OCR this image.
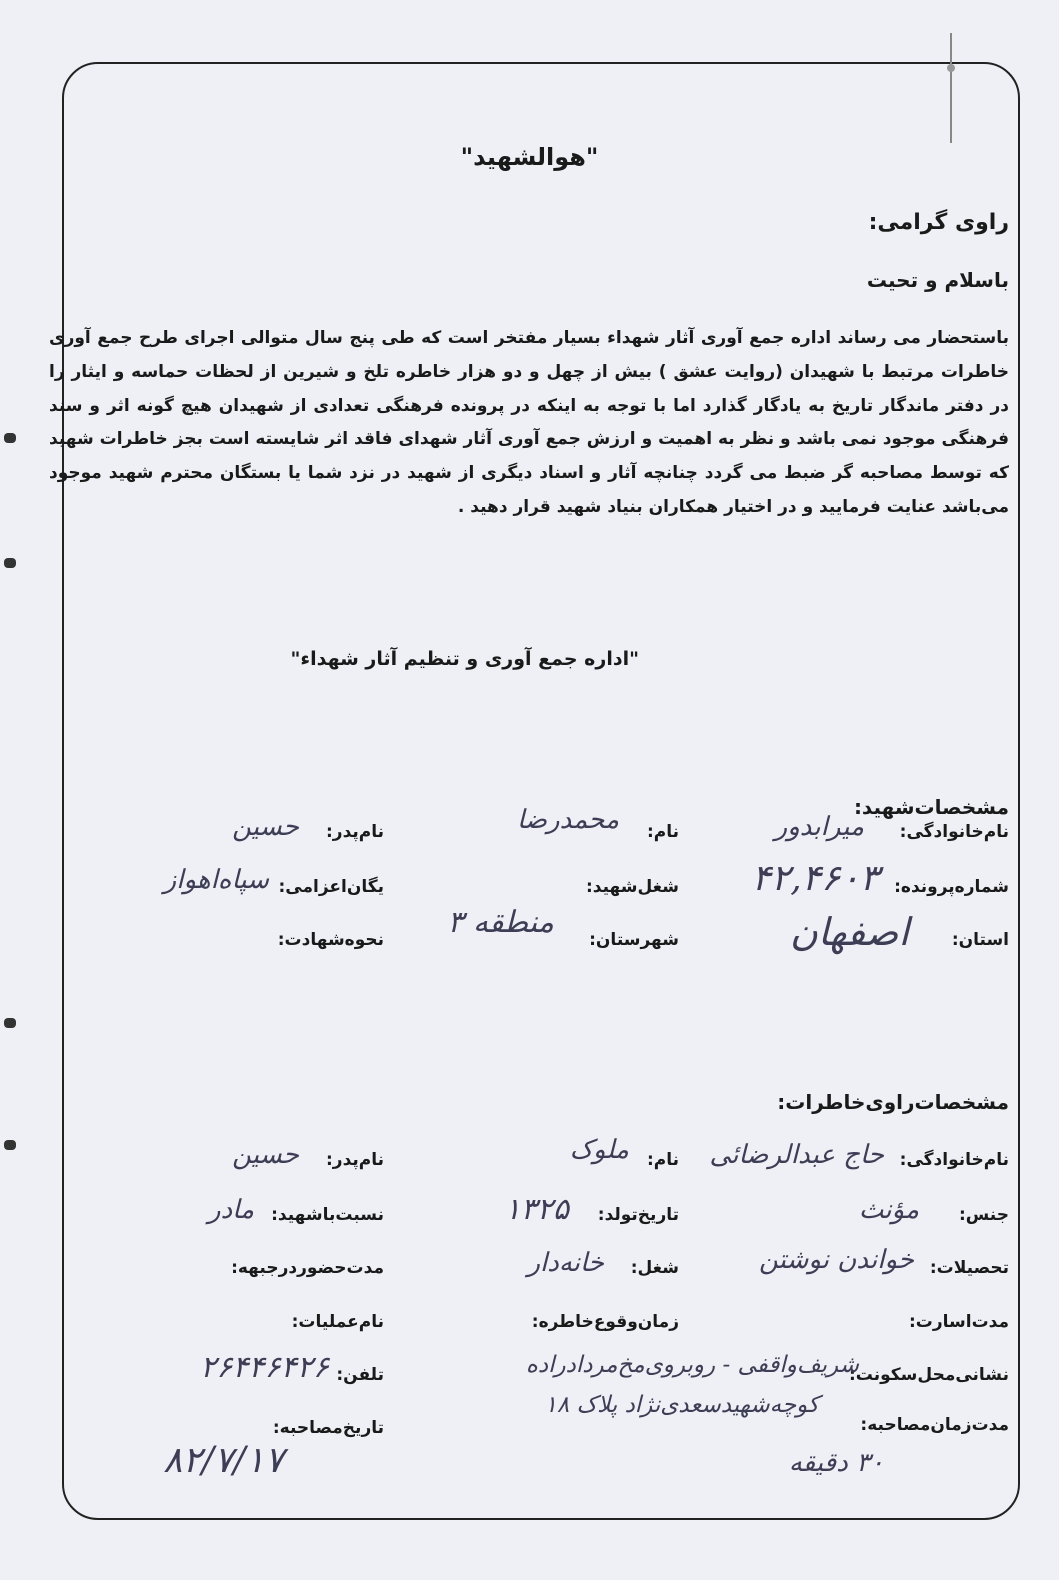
"هوالشهید"
راوی گرامی:
باسلام و تحیت

باستحضار می رساند اداره جمع آوری آثار شهداء بسیار مفتخر است که طی پنج سال متوالی اجرای طرح جمع آوری خاطرات مرتبط با شهیدان (روایت عشق ) بیش از چهل و دو هزار خاطره تلخ و شیرین از لحظات حماسه و ایثار را در دفتر ماندگار تاریخ به یادگار گذارد اما با توجه به اینکه در پرونده فرهنگی تعدادی از شهیدان هیچ گونه اثر و سند فرهنگی موجود نمی باشد و نظر به اهمیت و ارزش جمع آوری آثار شهدای فاقد اثر شایسته است بجز خاطرات شهید که توسط مصاحبه گر ضبط می گردد چنانچه آثار و اسناد دیگری از شهید در نزد شما یا بستگان محترم شهید موجود می‌باشد عنایت فرمایید و در اختیار همکاران بنیاد شهید قرار دهید .

"اداره جمع آوری و تنظیم آثار شهداء"
مشخصات‌شهید:
نام‌خانوادگی:
میرابدور
نام:
محمدرضا
نام‌پدر:
حسین
شماره‌پرونده:
۴۲,۴۶۰۳
شغل‌شهید:
یگان‌اعزامی:
سپاه‌اهواز
استان:
اصفهان
شهرستان:
منطقه ۳
نحوه‌شهادت:
مشخصات‌راوی‌خاطرات:
نام‌خانوادگی:
حاج عبدالرضائی
نام:
ملوک
نام‌پدر:
حسین
جنس:
مؤنث
تاریخ‌تولد:
۱۳۲۵
نسبت‌باشهید:
مادر
تحصیلات:
خواندن نوشتن
شغل:
خانه‌دار
مدت‌حضوردرجبهه:
مدت‌اسارت:
زمان‌وقوع‌خاطره:
نام‌عملیات:
نشانی‌محل‌سکونت:
شریف‌واقفی - روبروی‌مخ‌مرداد‌راد‌ه
کوچه‌شهید‌سعدی‌نژاد پلاک ۱۸
تلفن:
۲۶۴۴۶۴۲۶
مدت‌زمان‌مصاحبه:
۳۰ دقیقه
تاریخ‌مصاحبه:
۸۲/۷/۱۷
